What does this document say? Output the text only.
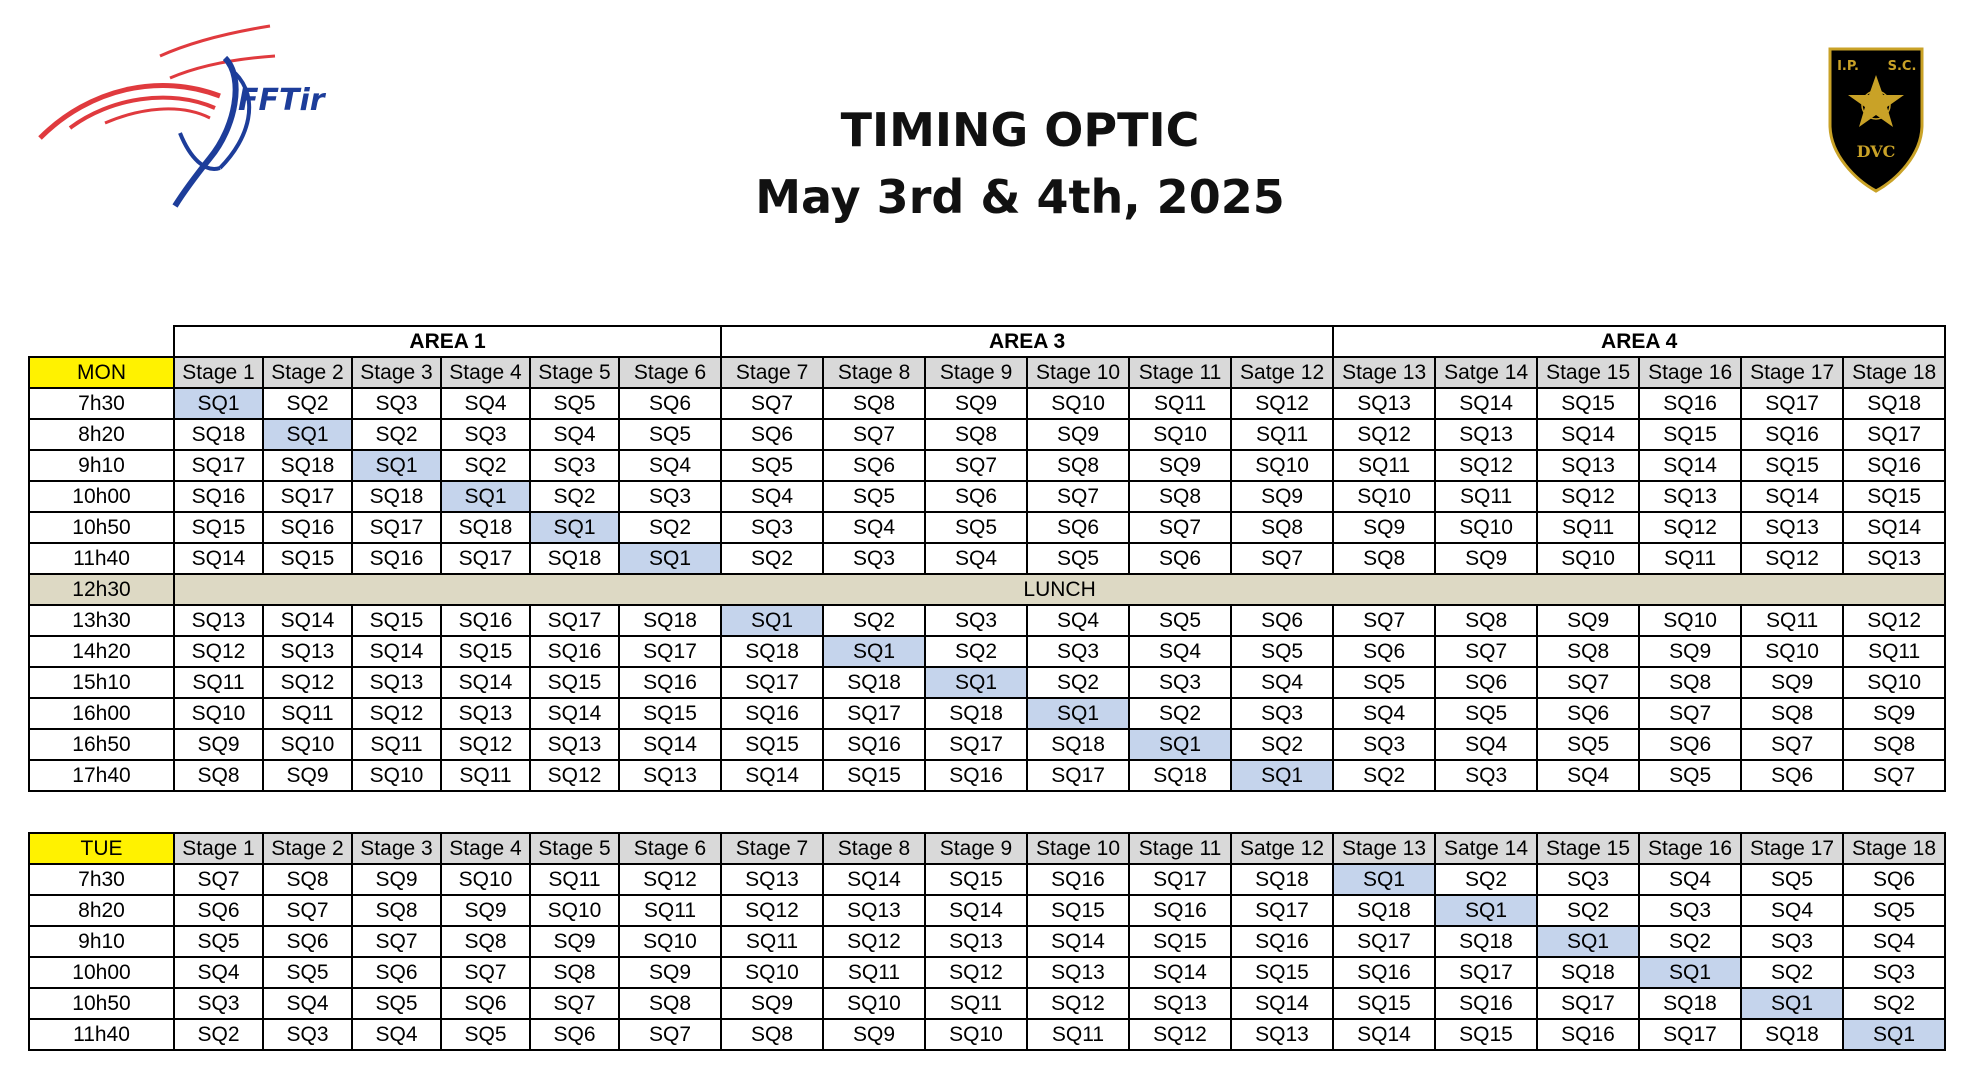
FFTir
I.P. S.C.
DVC
TIMING OPTIC
May 3rd & 4th, 2025
	AREA 1						AREA 3						AREA 4					
MON	Stage 1	Stage 2	Stage 3	Stage 4	Stage 5	Stage 6	Stage 7	Stage 8	Stage 9	Stage 10	Stage 11	Satge 12	Stage 13	Satge 14	Stage 15	Stage 16	Stage 17	Stage 18
7h30	SQ1	SQ2	SQ3	SQ4	SQ5	SQ6	SQ7	SQ8	SQ9	SQ10	SQ11	SQ12	SQ13	SQ14	SQ15	SQ16	SQ17	SQ18
8h20	SQ18	SQ1	SQ2	SQ3	SQ4	SQ5	SQ6	SQ7	SQ8	SQ9	SQ10	SQ11	SQ12	SQ13	SQ14	SQ15	SQ16	SQ17
9h10	SQ17	SQ18	SQ1	SQ2	SQ3	SQ4	SQ5	SQ6	SQ7	SQ8	SQ9	SQ10	SQ11	SQ12	SQ13	SQ14	SQ15	SQ16
10h00	SQ16	SQ17	SQ18	SQ1	SQ2	SQ3	SQ4	SQ5	SQ6	SQ7	SQ8	SQ9	SQ10	SQ11	SQ12	SQ13	SQ14	SQ15
10h50	SQ15	SQ16	SQ17	SQ18	SQ1	SQ2	SQ3	SQ4	SQ5	SQ6	SQ7	SQ8	SQ9	SQ10	SQ11	SQ12	SQ13	SQ14
11h40	SQ14	SQ15	SQ16	SQ17	SQ18	SQ1	SQ2	SQ3	SQ4	SQ5	SQ6	SQ7	SQ8	SQ9	SQ10	SQ11	SQ12	SQ13
12h30	LUNCH																	
13h30	SQ13	SQ14	SQ15	SQ16	SQ17	SQ18	SQ1	SQ2	SQ3	SQ4	SQ5	SQ6	SQ7	SQ8	SQ9	SQ10	SQ11	SQ12
14h20	SQ12	SQ13	SQ14	SQ15	SQ16	SQ17	SQ18	SQ1	SQ2	SQ3	SQ4	SQ5	SQ6	SQ7	SQ8	SQ9	SQ10	SQ11
15h10	SQ11	SQ12	SQ13	SQ14	SQ15	SQ16	SQ17	SQ18	SQ1	SQ2	SQ3	SQ4	SQ5	SQ6	SQ7	SQ8	SQ9	SQ10
16h00	SQ10	SQ11	SQ12	SQ13	SQ14	SQ15	SQ16	SQ17	SQ18	SQ1	SQ2	SQ3	SQ4	SQ5	SQ6	SQ7	SQ8	SQ9
16h50	SQ9	SQ10	SQ11	SQ12	SQ13	SQ14	SQ15	SQ16	SQ17	SQ18	SQ1	SQ2	SQ3	SQ4	SQ5	SQ6	SQ7	SQ8
17h40	SQ8	SQ9	SQ10	SQ11	SQ12	SQ13	SQ14	SQ15	SQ16	SQ17	SQ18	SQ1	SQ2	SQ3	SQ4	SQ5	SQ6	SQ7
TUE	Stage 1	Stage 2	Stage 3	Stage 4	Stage 5	Stage 6	Stage 7	Stage 8	Stage 9	Stage 10	Stage 11	Satge 12	Stage 13	Satge 14	Stage 15	Stage 16	Stage 17	Stage 18
7h30	SQ7	SQ8	SQ9	SQ10	SQ11	SQ12	SQ13	SQ14	SQ15	SQ16	SQ17	SQ18	SQ1	SQ2	SQ3	SQ4	SQ5	SQ6
8h20	SQ6	SQ7	SQ8	SQ9	SQ10	SQ11	SQ12	SQ13	SQ14	SQ15	SQ16	SQ17	SQ18	SQ1	SQ2	SQ3	SQ4	SQ5
9h10	SQ5	SQ6	SQ7	SQ8	SQ9	SQ10	SQ11	SQ12	SQ13	SQ14	SQ15	SQ16	SQ17	SQ18	SQ1	SQ2	SQ3	SQ4
10h00	SQ4	SQ5	SQ6	SQ7	SQ8	SQ9	SQ10	SQ11	SQ12	SQ13	SQ14	SQ15	SQ16	SQ17	SQ18	SQ1	SQ2	SQ3
10h50	SQ3	SQ4	SQ5	SQ6	SQ7	SQ8	SQ9	SQ10	SQ11	SQ12	SQ13	SQ14	SQ15	SQ16	SQ17	SQ18	SQ1	SQ2
11h40	SQ2	SQ3	SQ4	SQ5	SQ6	SQ7	SQ8	SQ9	SQ10	SQ11	SQ12	SQ13	SQ14	SQ15	SQ16	SQ17	SQ18	SQ1
